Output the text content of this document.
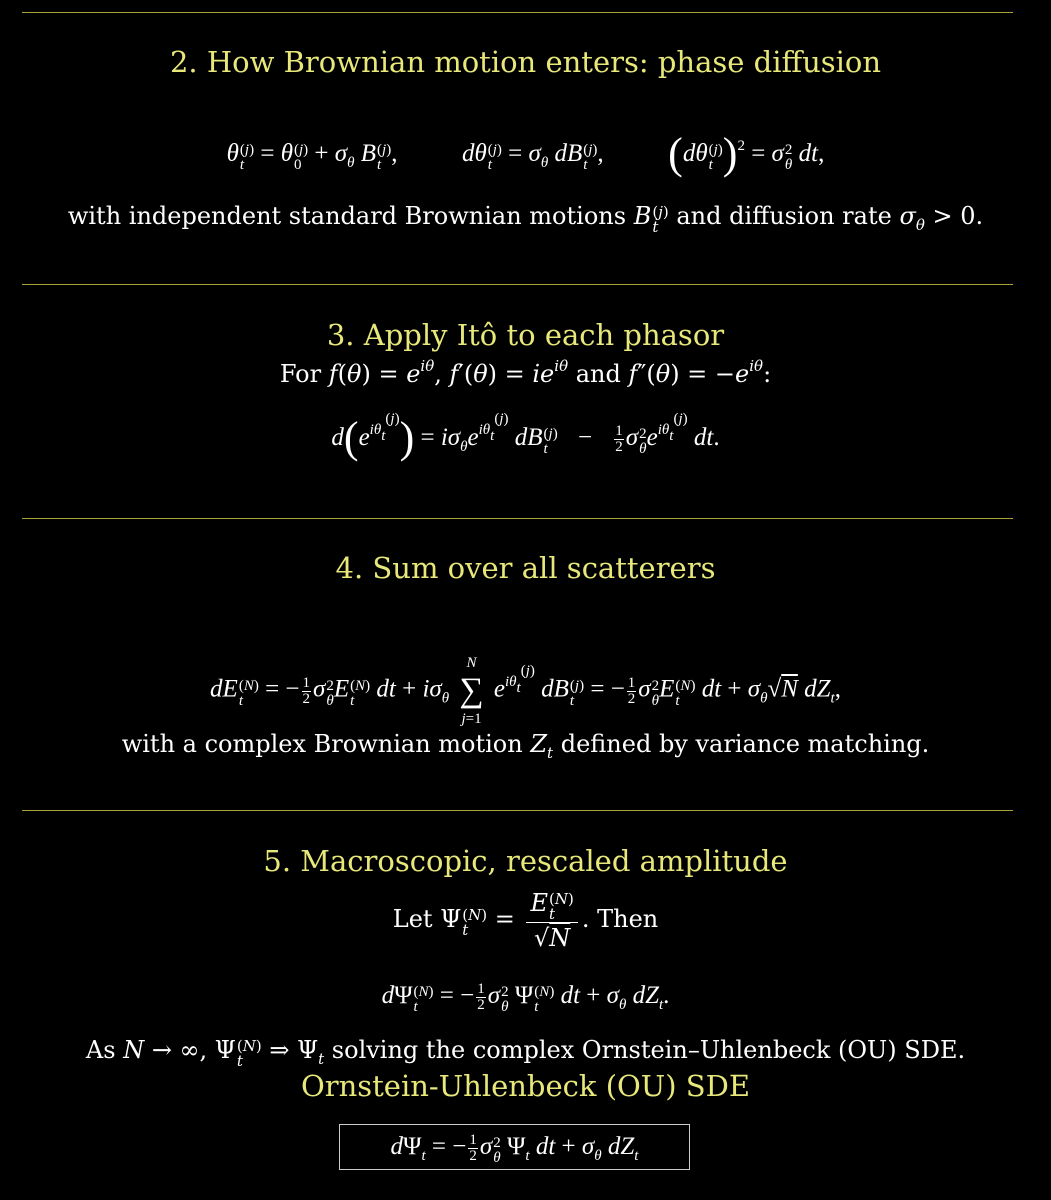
2. How Brownian motion enters: phase diffusion
θ (j)
t = θ (j)
$0 + \sigma_\theta$ B (j)
t ,  dθ (j)
$t = \sigma_\theta$ dB (j)
t ,  (dθ (j)
t )$^2$ = σ 2
θ dt,
with independent standard Brownian motions B (j)
t and diffusion rate $\sigma_\theta > 0$.
3. Apply Itô to each phasor
For $f(\theta) = e^{i\theta}$, $f'(\theta) = ie^{i\theta}$ and $f''(\theta) = -e^{i\theta}$:
$d(e^{i\theta_t^{(j)}}) = i\sigma_\theta e^{i\theta_t^{(j)}}$ dB (j)
t	− $\frac{1}{2}$ σ 2
θ $e^{i\theta_t^{(j)}}$ dt.
4. Sum over all scatterers
dE (N)
t = − $\frac{1}{2}$ σ 2
θ E (N)
t dt + $i\sigma_\theta$
N
∑
j=1
$e^{i\theta_t^{(j)}}$ dB (j)
t = − $\frac{1}{2}$ σ 2
θ E (N)
t dt + $\sigma_\theta√N$ $dZ_t$,
with a complex Brownian motion $Z_t$ defined by variance matching.
5. Macroscopic, rescaled amplitude
Let Ψ (N)
t = E (N)
t
√N . Then
dΨ (N)
t = − $\frac{1}{2}$ σ 2
θ Ψ (N)
t dt + $\sigma_\theta$ $dZ_t$.
As N → ∞, Ψ (N)
t ⇒ $\Psi_t$ solving the complex Ornstein–Uhlenbeck (OU) SDE.
Ornstein-Uhlenbeck (OU) SDE
$d\Psi_t$ = − $\frac{1}{2}$ σ 2
θ $\Psi_t$ dt + $\sigma_\theta$ $dZ_t$
